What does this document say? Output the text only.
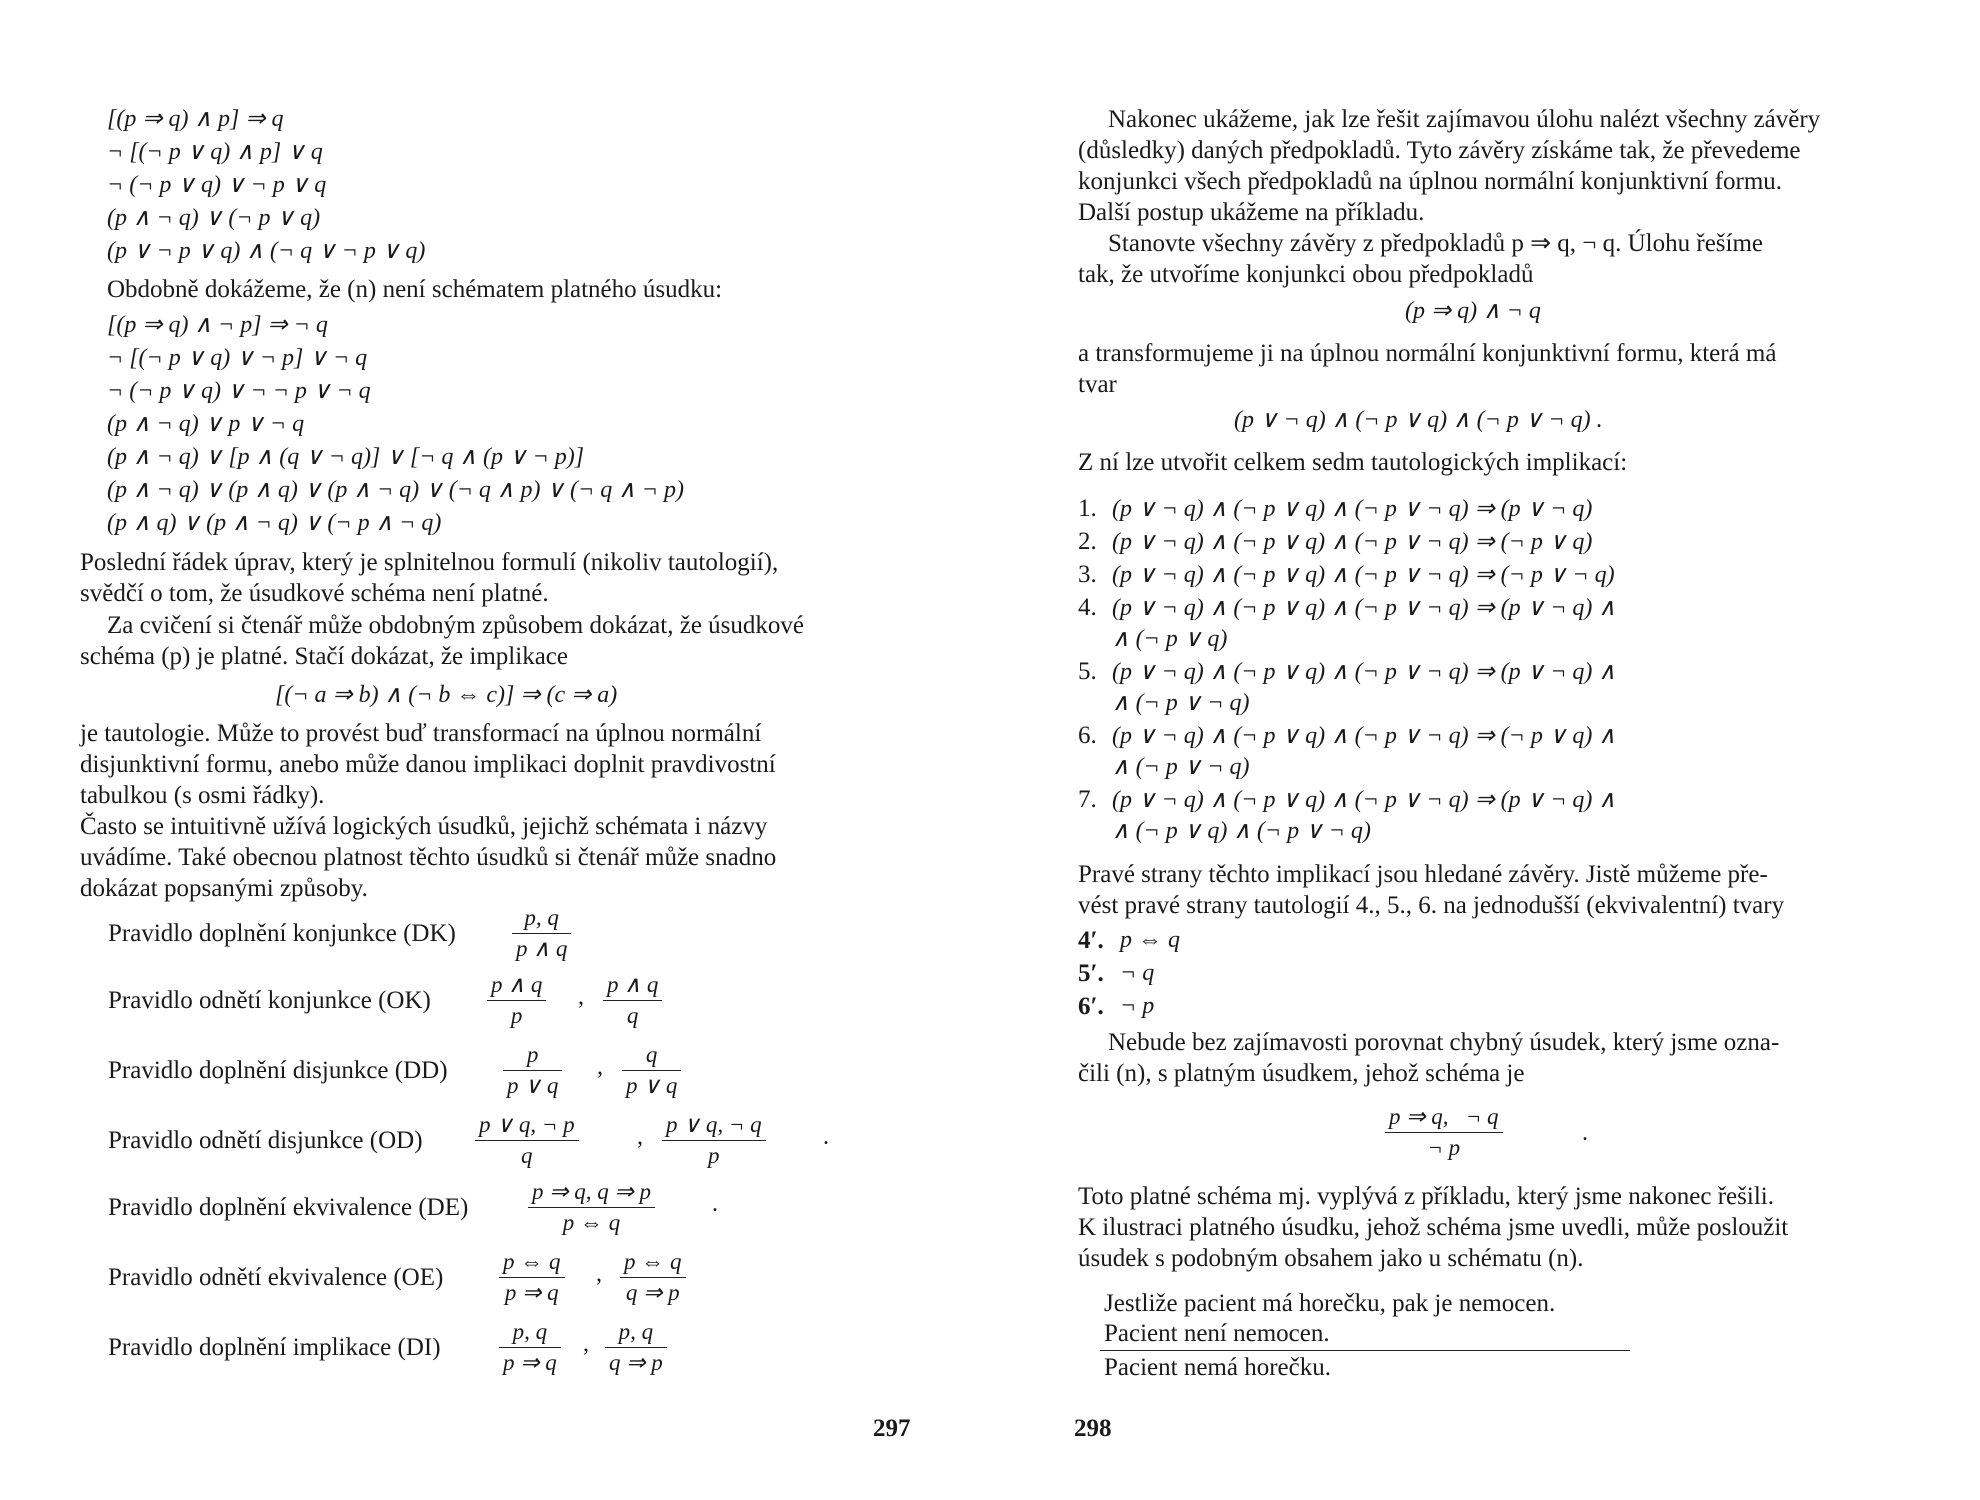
[(p ⇒ q) ∧ p] ⇒ q
¬ [(¬ p ∨ q) ∧ p] ∨ q
¬ (¬ p ∨ q) ∨ ¬ p ∨ q
(p ∧ ¬ q) ∨ (¬ p ∨ q)
(p ∨ ¬ p ∨ q) ∧ (¬ q ∨ ¬ p ∨ q)
Obdobně dokážeme, že (n) není schématem platného úsudku:
[(p ⇒ q) ∧ ¬ p] ⇒ ¬ q
¬ [(¬ p ∨ q) ∨ ¬ p] ∨ ¬ q
¬ (¬ p ∨ q) ∨ ¬ ¬ p ∨ ¬ q
(p ∧ ¬ q) ∨ p ∨ ¬ q
(p ∧ ¬ q) ∨ [p ∧ (q ∨ ¬ q)] ∨ [¬ q ∧ (p ∨ ¬ p)]
(p ∧ ¬ q) ∨ (p ∧ q) ∨ (p ∧ ¬ q) ∨ (¬ q ∧ p) ∨ (¬ q ∧ ¬ p)
(p ∧ q) ∨ (p ∧ ¬ q) ∨ (¬ p ∧ ¬ q)
Poslední řádek úprav, který je splnitelnou formulí (nikoliv tautologií),
svědčí o tom, že úsudkové schéma není platné.
Za cvičení si čtenář může obdobným způsobem dokázat, že úsudkové
schéma (p) je platné. Stačí dokázat, že implikace
[(¬ a ⇒ b) ∧ (¬ b ⇔ c)] ⇒ (c ⇒ a)
je tautologie. Může to provést buď transformací na úplnou normální
disjunktivní formu, anebo může danou implikaci doplnit pravdivostní
tabulkou (s osmi řádky).
Často se intuitivně užívá logických úsudků, jejichž schémata i názvy
uvádíme. Také obecnou platnost těchto úsudků si čtenář může snadno
dokázat popsanými způsoby.
Pravidlo doplnění konjunkce $(DK) \frac{p, q}{p \wedge q}$
Pravidlo odnětí konjunkce $(OK) \frac{p \wedge q}{p}$ , $\frac{p \wedge q}{q}$
Pravidlo doplnění disjunkce $(DD) \frac{p}{p \vee q}$ , $\frac{q}{p \vee q}$
Pravidlo odnětí disjunkce $(OD) \frac{p \vee q, \neg p}{q}$ , $\frac{p \vee q, \neg q}{p}$ .
Pravidlo doplnění ekvivalence (DE)	$\frac{p \Rightarrow q, q \Rightarrow p}{p \Leftrightarrow q}$ .
Pravidlo odnětí ekvivalence $(OE) \frac{p \Leftrightarrow q}{p \Rightarrow q}$ , $\frac{p \Leftrightarrow q}{q \Rightarrow p}$
Pravidlo doplnění implikace (DI)	$\frac{p, q}{p \Rightarrow q}$ , $\frac{p, q}{q \Rightarrow p}$
297
Nakonec ukážeme, jak lze řešit zajímavou úlohu nalézt všechny závěry
(důsledky) daných předpokladů. Tyto závěry získáme tak, že převedeme
konjunkci všech předpokladů na úplnou normální konjunktivní formu.
Další postup ukážeme na příkladu.
Stanovte všechny závěry z předpokladů p ⇒ q, ¬ q. Úlohu řešíme
tak, že utvoříme konjunkci obou předpokladů
(p ⇒ q) ∧ ¬ q
a transformujeme ji na úplnou normální konjunktivní formu, která má
tvar
(p ∨ ¬ q) ∧ (¬ p ∨ q) ∧ (¬ p ∨ ¬ q) .
Z ní lze utvořit celkem sedm tautologických implikací:
1. (p ∨ ¬ q) ∧ (¬ p ∨ q) ∧ (¬ p ∨ ¬ q) ⇒ (p ∨ ¬ q)
2. (p ∨ ¬ q) ∧ (¬ p ∨ q) ∧ (¬ p ∨ ¬ q) ⇒ (¬ p ∨ q)
3. (p ∨ ¬ q) ∧ (¬ p ∨ q) ∧ (¬ p ∨ ¬ q) ⇒ (¬ p ∨ ¬ q)
4. (p ∨ ¬ q) ∧ (¬ p ∨ q) ∧ (¬ p ∨ ¬ q) ⇒ (p ∨ ¬ q) ∧
∧ (¬ p ∨ q)
5. (p ∨ ¬ q) ∧ (¬ p ∨ q) ∧ (¬ p ∨ ¬ q) ⇒ (p ∨ ¬ q) ∧
∧ (¬ p ∨ ¬ q)
6. (p ∨ ¬ q) ∧ (¬ p ∨ q) ∧ (¬ p ∨ ¬ q) ⇒ (¬ p ∨ q) ∧
∧ (¬ p ∨ ¬ q)
7. (p ∨ ¬ q) ∧ (¬ p ∨ q) ∧ (¬ p ∨ ¬ q) ⇒ (p ∨ ¬ q) ∧
∧ (¬ p ∨ q) ∧ (¬ p ∨ ¬ q)
Pravé strany těchto implikací jsou hledané závěry. Jistě můžeme pře-
vést pravé strany tautologií 4., 5., 6. na jednodušší (ekvivalentní) tvary
4′. p ⇔ q
5′. ¬ q
6′. ¬ p
Nebude bez zajímavosti porovnat chybný úsudek, který jsme ozna-
čili (n), s platným úsudkem, jehož schéma je
$\frac{p \Rightarrow q, \neg q}{\neg p}$	.
Toto platné schéma mj. vyplývá z příkladu, který jsme nakonec řešili.
K ilustraci platného úsudku, jehož schéma jsme uvedli, může posloužit
úsudek s podobným obsahem jako u schématu (n).
Jestliže pacient má horečku, pak je nemocen.
Pacient není nemocen.
Pacient nemá horečku.
298
